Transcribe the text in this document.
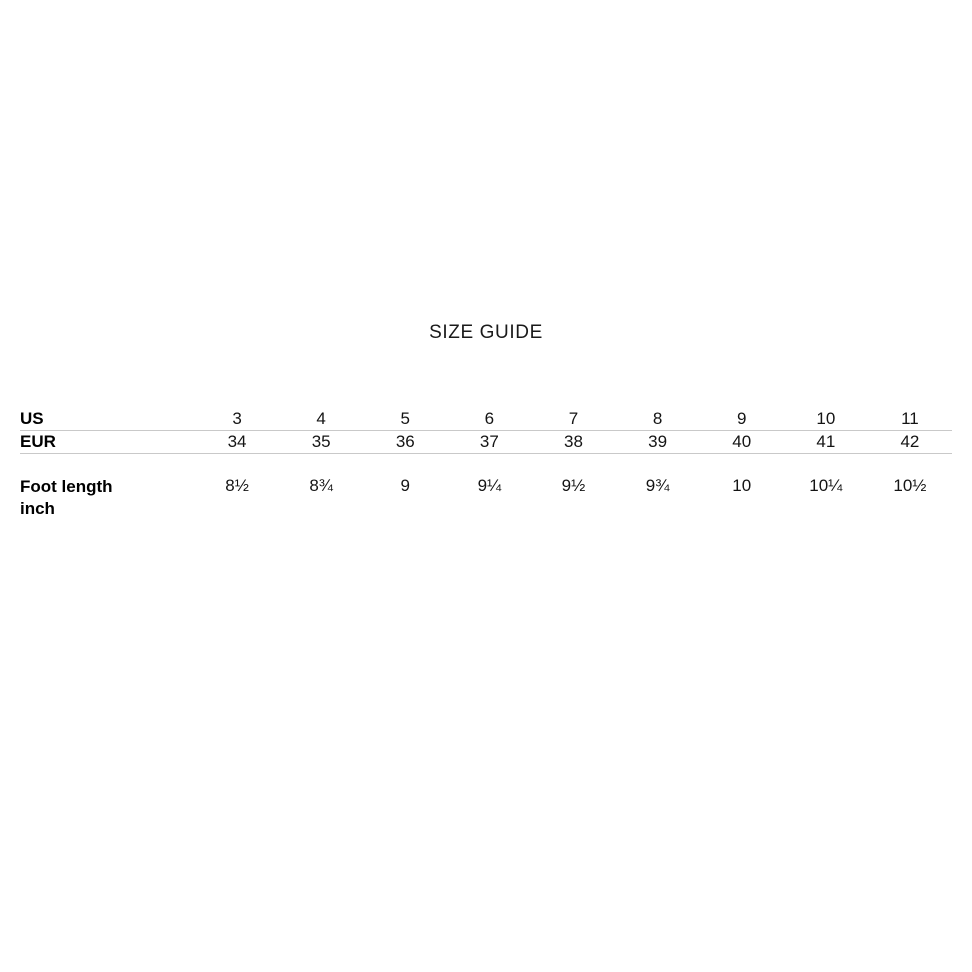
SIZE GUIDE
US	3	4	5	6	7	8	9	10	11
EUR	34	35	36	37	38	39	40	41	42
Foot length
inch	8½	8¾	9	9¼	9½	9¾	10	10¼	10½
